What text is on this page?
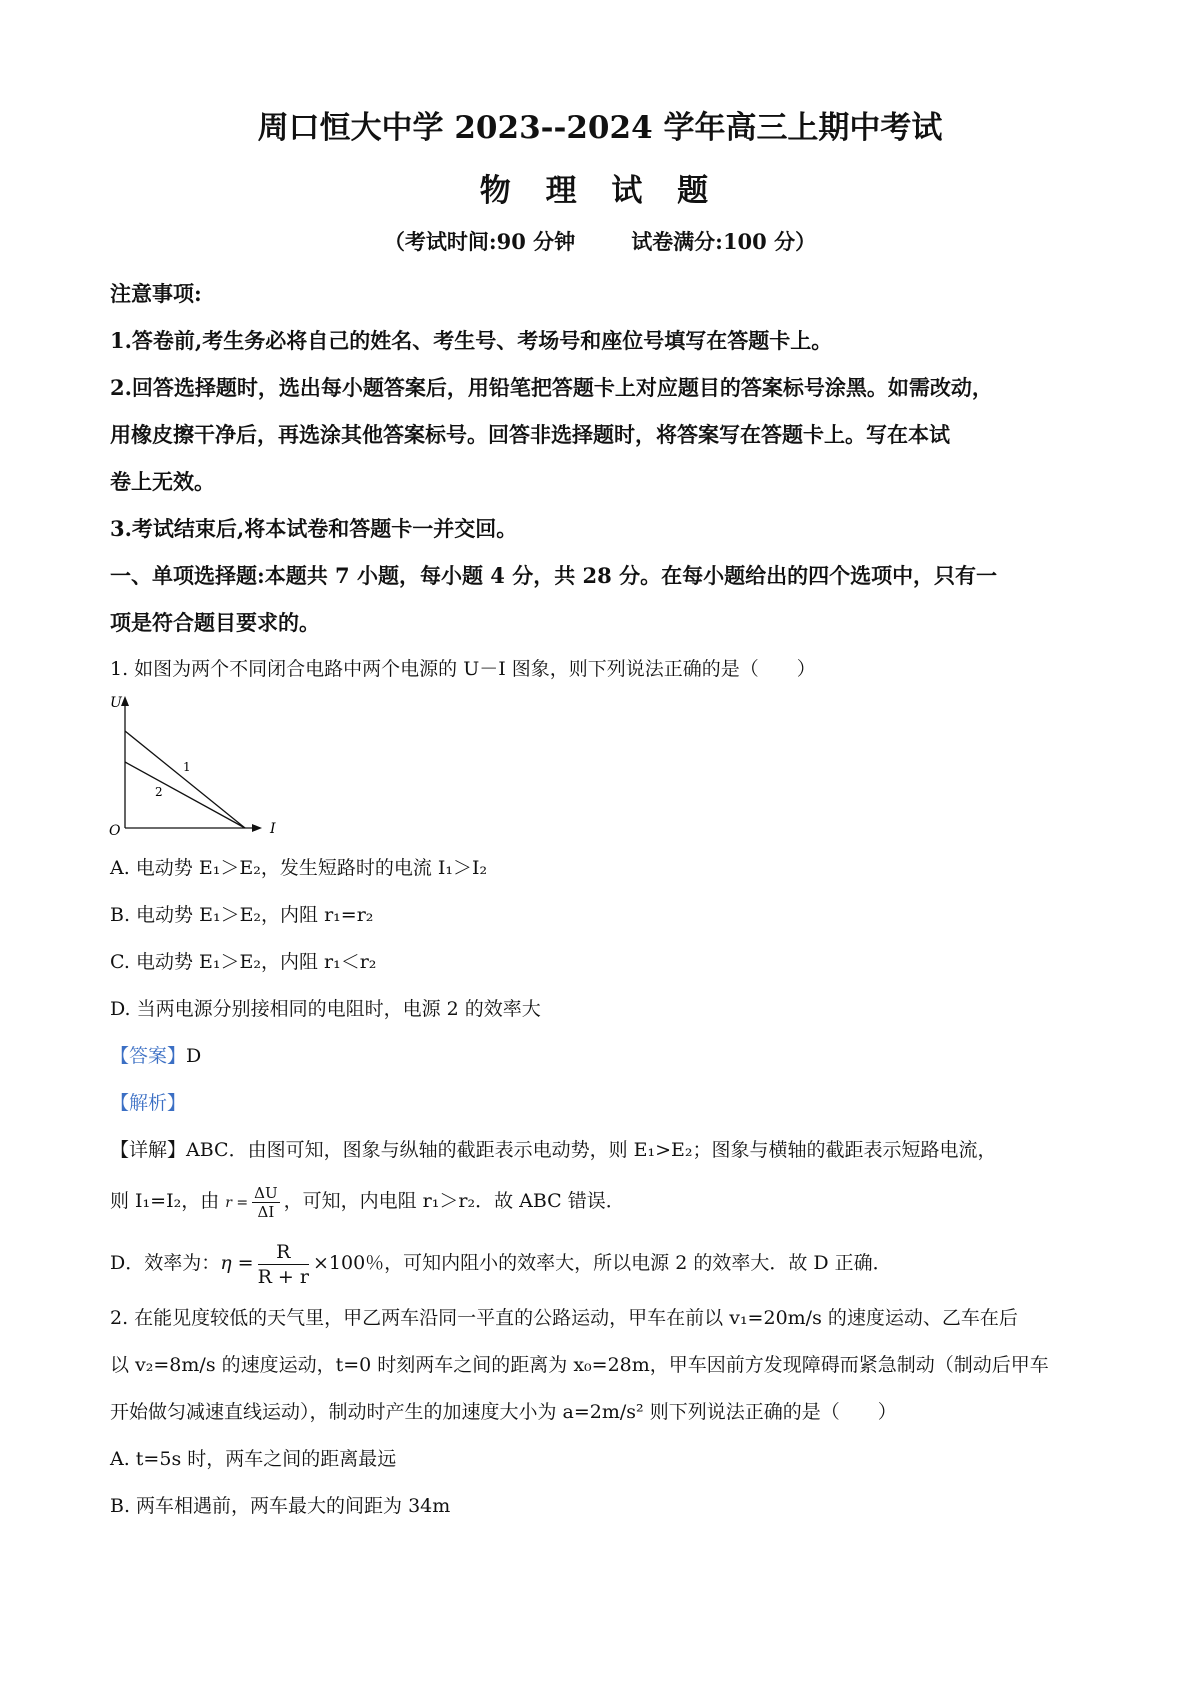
周口恒大中学 2023--2024 学年高三上期中考试
物 理 试 题
（考试时间:90 分钟	试卷满分:100 分）
注意事项:
1.答卷前,考生务必将自己的姓名、考生号、考场号和座位号填写在答题卡上。
2.回答选择题时，选出每小题答案后，用铅笔把答题卡上对应题目的答案标号涂黑。如需改动，
用橡皮擦干净后，再选涂其他答案标号。回答非选择题时，将答案写在答题卡上。写在本试
卷上无效。
3.考试结束后,将本试卷和答题卡一并交回。
一、单项选择题:本题共 7 小题，每小题 4 分，共 28 分。在每小题给出的四个选项中，只有一
项是符合题目要求的。
1. 如图为两个不同闭合电路中两个电源的 U－I 图象，则下列说法正确的是（　　）
U
I
O
1
2
A. 电动势 E₁＞E₂，发生短路时的电流 I₁＞I₂
B. 电动势 E₁＞E₂，内阻 r₁=r₂
C. 电动势 E₁＞E₂，内阻 r₁＜r₂
D. 当两电源分别接相同的电阻时，电源 2 的效率大
【答案】D
【解析】
【详解】ABC．由图可知，图象与纵轴的截距表示电动势，则 E₁>E₂；图象与横轴的截距表示短路电流，
则 I₁=I₂，由 $r = \frac{\Delta U}{\Delta I}$ ，可知，内电阻 r₁＞r₂．故 ABC 错误．
D．效率为：$\eta = \frac{R}{R + r} \times 100$％，可知内阻小的效率大，所以电源 2 的效率大．故 D 正确．
2. 在能见度较低的天气里，甲乙两车沿同一平直的公路运动，甲车在前以 v₁=20m/s 的速度运动、乙车在后
以 v₂=8m/s 的速度运动，t=0 时刻两车之间的距离为 x₀=28m，甲车因前方发现障碍而紧急制动（制动后甲车
开始做匀减速直线运动），制动时产生的加速度大小为 a=2m/s² 则下列说法正确的是（　　）
A. t=5s 时，两车之间的距离最远
B. 两车相遇前，两车最大的间距为 34m
